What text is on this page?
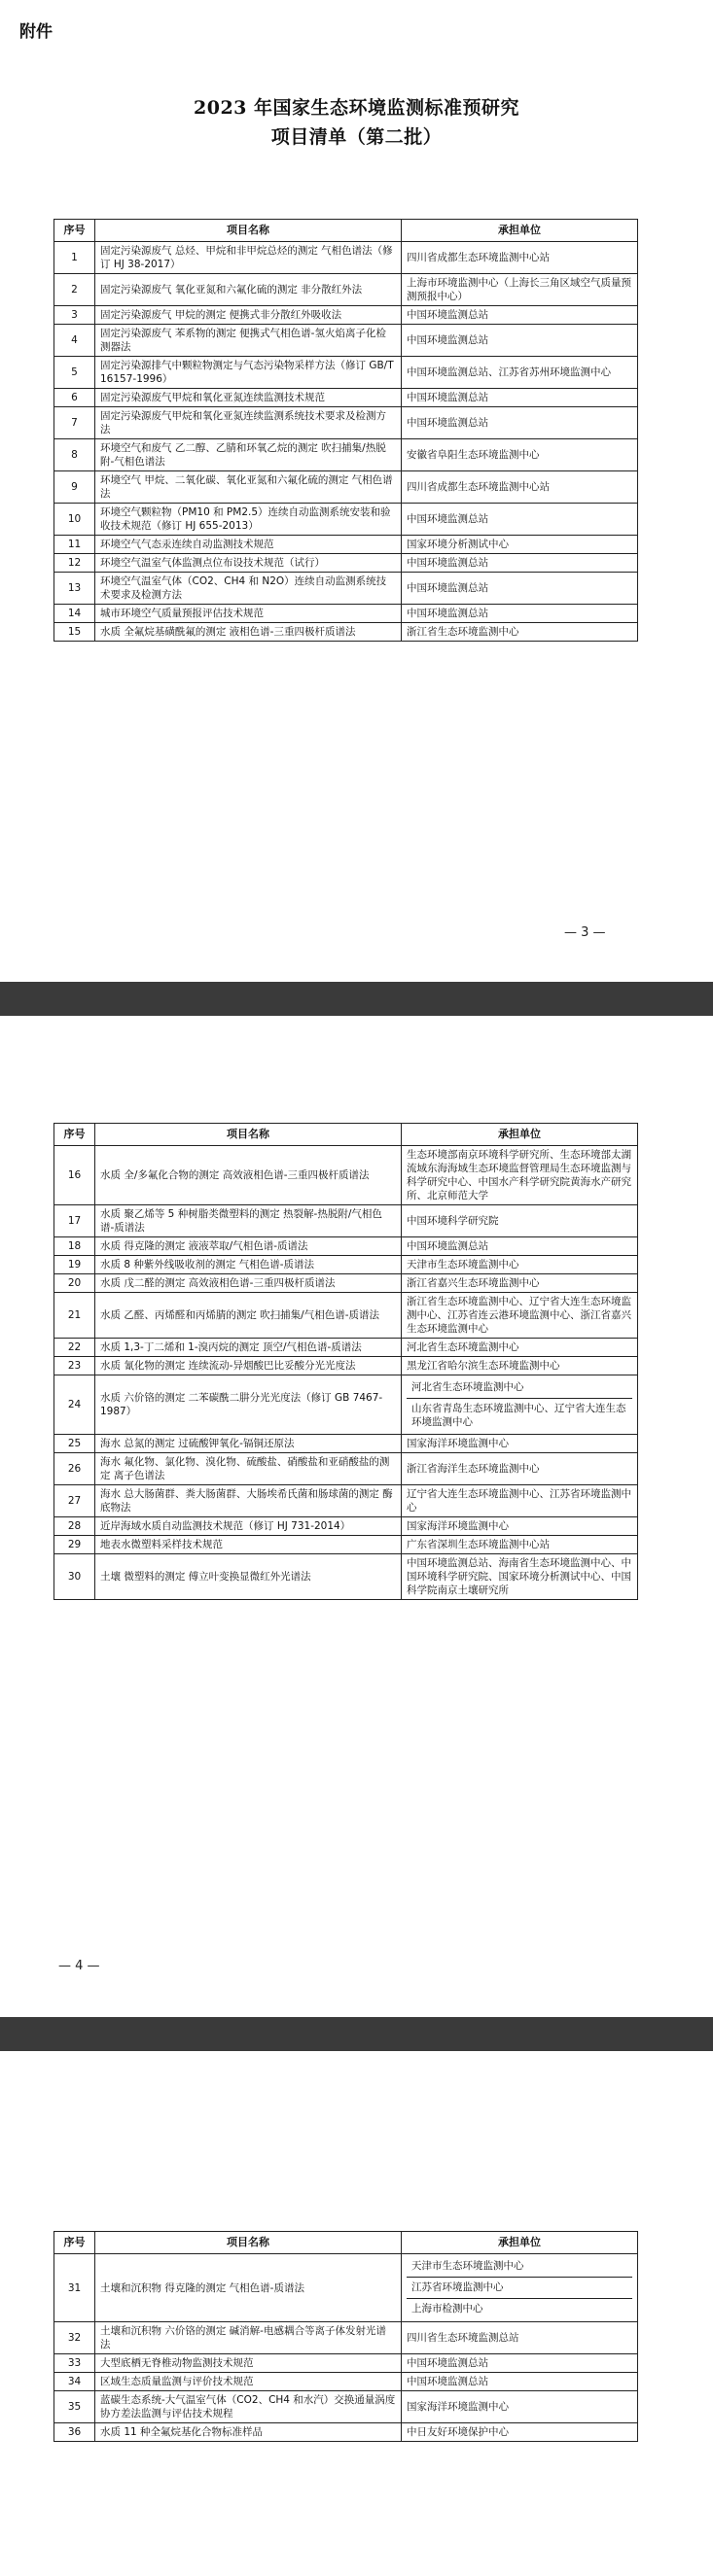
附件
2023 年国家生态环境监测标准预研究
项目清单（第二批）
序号	项目名称	承担单位
1	固定污染源废气 总烃、甲烷和非甲烷总烃的测定 气相色谱法（修订 HJ 38-2017）	四川省成都生态环境监测中心站
2	固定污染源废气 氧化亚氮和六氟化硫的测定 非分散红外法	上海市环境监测中心（上海长三角区域空气质量预测预报中心）
3	固定污染源废气 甲烷的测定 便携式非分散红外吸收法	中国环境监测总站
4	固定污染源废气 苯系物的测定 便携式气相色谱-氢火焰离子化检测器法	中国环境监测总站
5	固定污染源排气中颗粒物测定与气态污染物采样方法（修订 GB/T 16157-1996）	中国环境监测总站、江苏省苏州环境监测中心
6	固定污染源废气甲烷和氧化亚氮连续监测技术规范	中国环境监测总站
7	固定污染源废气甲烷和氧化亚氮连续监测系统技术要求及检测方法	中国环境监测总站
8	环境空气和废气 乙二醇、乙腈和环氧乙烷的测定 吹扫捕集/热脱附-气相色谱法	安徽省阜阳生态环境监测中心
9	环境空气 甲烷、二氧化碳、氧化亚氮和六氟化硫的测定 气相色谱法	四川省成都生态环境监测中心站
10	环境空气颗粒物（PM10 和 PM2.5）连续自动监测系统安装和验收技术规范（修订 HJ 655-2013）	中国环境监测总站
11	环境空气气态汞连续自动监测技术规范	国家环境分析测试中心
12	环境空气温室气体监测点位布设技术规范（试行）	中国环境监测总站
13	环境空气温室气体（CO2、CH4 和 N2O）连续自动监测系统技术要求及检测方法	中国环境监测总站
14	城市环境空气质量预报评估技术规范	中国环境监测总站
15	水质 全氟烷基磺酰氟的测定 液相色谱-三重四极杆质谱法	浙江省生态环境监测中心
— 3 —
序号	项目名称	承担单位
16	水质 全/多氟化合物的测定 高效液相色谱-三重四极杆质谱法	生态环境部南京环境科学研究所、生态环境部太湖流域东海海域生态环境监督管理局生态环境监测与科学研究中心、中国水产科学研究院黄海水产研究所、北京师范大学
17	水质 聚乙烯等 5 种树脂类微塑料的测定 热裂解-热脱附/气相色谱-质谱法	中国环境科学研究院
18	水质 得克隆的测定 液液萃取/气相色谱-质谱法	中国环境监测总站
19	水质 8 种紫外线吸收剂的测定 气相色谱-质谱法	天津市生态环境监测中心
20	水质 戊二醛的测定 高效液相色谱-三重四极杆质谱法	浙江省嘉兴生态环境监测中心
21	水质 乙醛、丙烯醛和丙烯腈的测定 吹扫捕集/气相色谱-质谱法	浙江省生态环境监测中心、辽宁省大连生态环境监测中心、江苏省连云港环境监测中心、浙江省嘉兴生态环境监测中心
22	水质 1,3-丁二烯和 1-溴丙烷的测定 顶空/气相色谱-质谱法	河北省生态环境监测中心
23	水质 氰化物的测定 连续流动-异烟酸巴比妥酸分光光度法	黑龙江省哈尔滨生态环境监测中心
24	水质 六价铬的测定 二苯碳酰二肼分光光度法（修订 GB 7467-1987）	河北省生态环境监测中心
山东省青岛生态环境监测中心、辽宁省大连生态环境监测中心

25	海水 总氮的测定 过硫酸钾氧化-镉铜还原法	国家海洋环境监测中心
26	海水 氟化物、氯化物、溴化物、硫酸盐、硝酸盐和亚硝酸盐的测定 离子色谱法	浙江省海洋生态环境监测中心
27	海水 总大肠菌群、粪大肠菌群、大肠埃希氏菌和肠球菌的测定 酶底物法	辽宁省大连生态环境监测中心、江苏省环境监测中心
28	近岸海域水质自动监测技术规范（修订 HJ 731-2014）	国家海洋环境监测中心
29	地表水微塑料采样技术规范	广东省深圳生态环境监测中心站
30	土壤 微塑料的测定 傅立叶变换显微红外光谱法	中国环境监测总站、海南省生态环境监测中心、中国环境科学研究院、国家环境分析测试中心、中国科学院南京土壤研究所
— 4 —
序号	项目名称	承担单位
31	土壤和沉积物 得克隆的测定 气相色谱-质谱法	天津市生态环境监测中心
江苏省环境监测中心
上海市检测中心

32	土壤和沉积物 六价铬的测定 碱消解-电感耦合等离子体发射光谱法	四川省生态环境监测总站
33	大型底栖无脊椎动物监测技术规范	中国环境监测总站
34	区域生态质量监测与评价技术规范	中国环境监测总站
35	蓝碳生态系统-大气温室气体（CO2、CH4 和水汽）交换通量涡度协方差法监测与评估技术规程	国家海洋环境监测中心
36	水质 11 种全氟烷基化合物标准样品	中日友好环境保护中心
